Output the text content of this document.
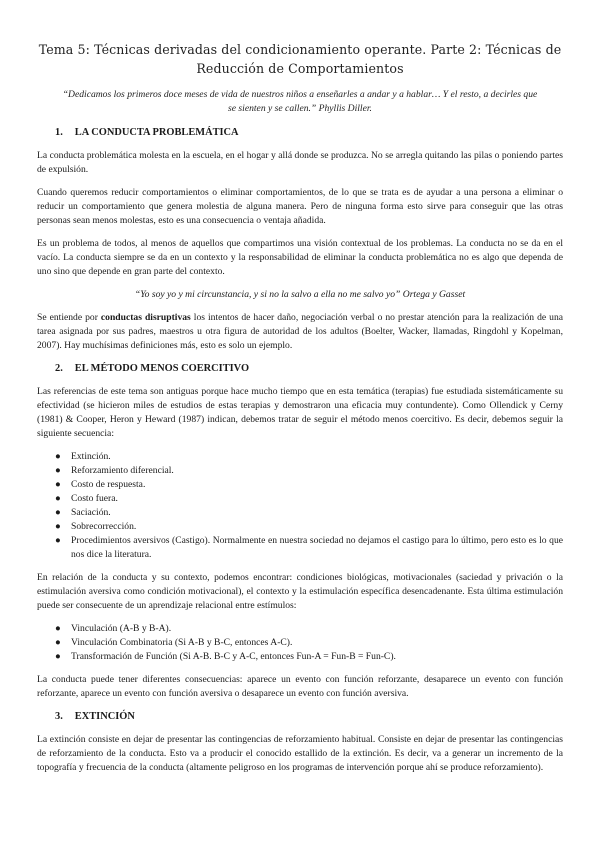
Tema 5: Técnicas derivadas del condicionamiento operante. Parte 2: Técnicas de Reducción de Comportamientos
“Dedicamos los primeros doce meses de vida de nuestros niños a enseñarles a andar y a hablar… Y el resto, a decirles que se sienten y se callen.” Phyllis Diller.
1. LA CONDUCTA PROBLEMÁTICA
La conducta problemática molesta en la escuela, en el hogar y allá donde se produzca. No se arregla quitando las pilas o poniendo partes de expulsión.
Cuando queremos reducir comportamientos o eliminar comportamientos, de lo que se trata es de ayudar a una persona a eliminar o reducir un comportamiento que genera molestia de alguna manera. Pero de ninguna forma esto sirve para conseguir que las otras personas sean menos molestas, esto es una consecuencia o ventaja añadida.
Es un problema de todos, al menos de aquellos que compartimos una visión contextual de los problemas. La conducta no se da en el vacío. La conducta siempre se da en un contexto y la responsabilidad de eliminar la conducta problemática no es algo que dependa de uno sino que depende en gran parte del contexto.
“Yo soy yo y mi circunstancia, y si no la salvo a ella no me salvo yo” Ortega y Gasset
Se entiende por conductas disruptivas los intentos de hacer daño, negociación verbal o no prestar atención para la realización de una tarea asignada por sus padres, maestros u otra figura de autoridad de los adultos (Boelter, Wacker, llamadas, Ringdohl y Kopelman, 2007). Hay muchísimas definiciones más, esto es solo un ejemplo.
2. EL MÉTODO MENOS COERCITIVO
Las referencias de este tema son antiguas porque hace mucho tiempo que en esta temática (terapias) fue estudiada sistemáticamente su efectividad (se hicieron miles de estudios de estas terapias y demostraron una eficacia muy contundente). Como Ollendick y Cerny (1981) & Cooper, Heron y Heward (1987) indican, debemos tratar de seguir el método menos coercitivo. Es decir, debemos seguir la siguiente secuencia:
● Extinción.
● Reforzamiento diferencial.
● Costo de respuesta.
● Costo fuera.
● Saciación.
● Sobrecorrección.
● Procedimientos aversivos (Castigo). Normalmente en nuestra sociedad no dejamos el castigo para lo último, pero esto es lo que nos dice la literatura.
En relación de la conducta y su contexto, podemos encontrar: condiciones biológicas, motivacionales (saciedad y privación o la estimulación aversiva como condición motivacional), el contexto y la estimulación específica desencadenante. Esta última estimulación puede ser consecuente de un aprendizaje relacional entre estímulos:
● Vinculación (A-B y B-A).
● Vinculación Combinatoria (Si A-B y B-C, entonces A-C).
● Transformación de Función (Si A-B. B-C y A-C, entonces Fun-A = Fun-B = Fun-C).
La conducta puede tener diferentes consecuencias: aparece un evento con función reforzante, desaparece un evento con función reforzante, aparece un evento con función aversiva o desaparece un evento con función aversiva.
3. EXTINCIÓN
La extinción consiste en dejar de presentar las contingencias de reforzamiento habitual. Consiste en dejar de presentar las contingencias de reforzamiento de la conducta. Esto va a producir el conocido estallido de la extinción. Es decir, va a generar un incremento de la topografía y frecuencia de la conducta (altamente peligroso en los programas de intervención porque ahí se produce reforzamiento).
